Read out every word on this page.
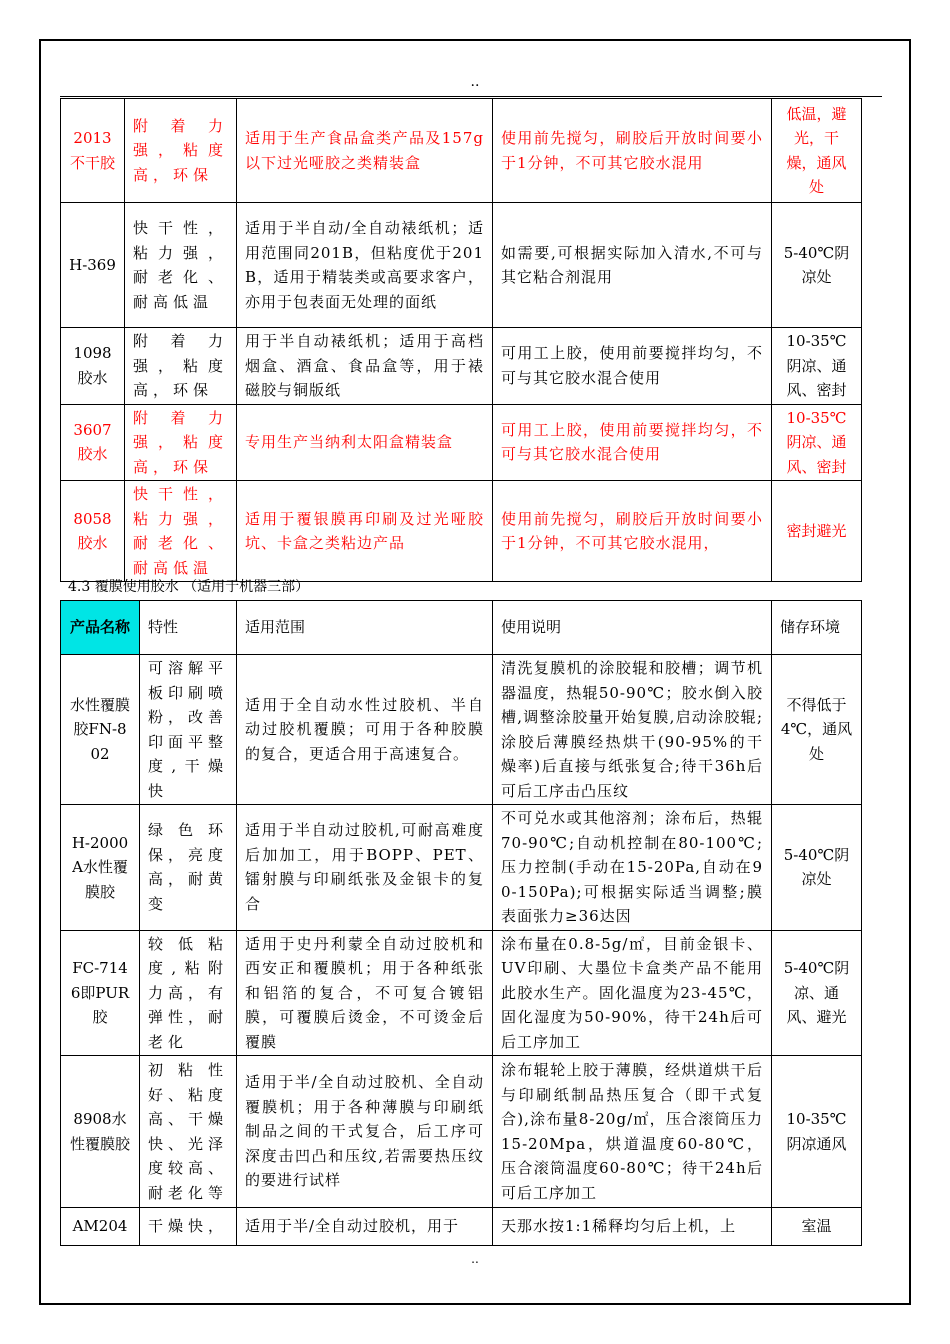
..
2013不干胶	附着力强，粘度高，环保	适用于生产食品盒类产品及157g以下过光哑胶之类精装盒	使用前先搅匀，刷胶后开放时间要小于1分钟，不可其它胶水混用	低温，避光，干燥，通风处
H-369	快干性，粘力强，耐老化、耐高低温	适用于半自动/全自动裱纸机；适用范围同201B，但粘度优于201B，适用于精装类或高要求客户，亦用于包表面无处理的面纸	如需要,可根据实际加入清水,不可与其它粘合剂混用	5-40℃阴凉处
1098胶水	附着力强，粘度高，环保	用于半自动裱纸机；适用于高档烟盒、酒盒、食品盒等，用于裱磁胶与铜版纸	可用工上胶，使用前要搅拌均匀，不可与其它胶水混合使用	10-35℃阴凉、通风、密封
3607胶水	附着力强，粘度高，环保	专用生产当纳利太阳盒精装盒	可用工上胶，使用前要搅拌均匀，不可与其它胶水混合使用	10-35℃阴凉、通风、密封
8058胶水	快干性，粘力强，耐老化、耐高低温	适用于覆银膜再印刷及过光哑胶坑、卡盒之类粘边产品	使用前先搅匀，刷胶后开放时间要小于1分钟，不可其它胶水混用，	密封避光
4.3 覆膜使用胶水 （适用于机器三部）
产品名称	特性	适用范围	使用说明	储存环境
水性覆膜胶FN-802	可溶解平板印刷喷粉，改善印面平整度,干燥快	适用于全自动水性过胶机、半自动过胶机覆膜；可用于各种胶膜的复合，更适合用于高速复合。	清洗复膜机的涂胶辊和胶槽；调节机器温度，热辊50-90℃；胶水倒入胶槽,调整涂胶量开始复膜,启动涂胶辊;涂胶后薄膜经热烘干(90-95%的干燥率)后直接与纸张复合;待干36h后可后工序击凸压纹	不得低于4℃，通风处
H-2000A水性覆膜胶	绿色环保，亮度高，耐黄变	适用于半自动过胶机,可耐高难度后加加工，用于BOPP、PET、镭射膜与印刷纸张及金银卡的复合	不可兑水或其他溶剂；涂布后，热辊70-90℃;自动机控制在80-100℃;压力控制(手动在15-20Pa,自动在90-150Pa);可根据实际适当调整;膜表面张力≥36达因	5-40℃阴凉处
FC-7146即PUR胶	较低粘度,粘附力高，有弹性，耐老化	适用于史丹利蒙全自动过胶机和西安正和覆膜机；用于各种纸张和铝箔的复合，不可复合镀铝膜，可覆膜后烫金，不可烫金后覆膜	涂布量在0.8-5g/㎡，目前金银卡、UV印刷、大墨位卡盒类产品不能用此胶水生产。固化温度为23-45℃，固化湿度为50-90%，待干24h后可后工序加工	5-40℃阴凉、通风、避光
8908水性覆膜胶	初粘性好、粘度高、干燥快、光泽度较高、耐老化等	适用于半/全自动过胶机、全自动覆膜机；用于各种薄膜与印刷纸制品之间的干式复合，后工序可深度击凹凸和压纹,若需要热压纹的要进行试样	涂布辊轮上胶于薄膜，经烘道烘干后与印刷纸制品热压复合（即干式复合),涂布量8-20g/㎡，压合滚筒压力15-20Mpa，烘道温度60-80℃，压合滚筒温度60-80℃；待干24h后可后工序加工	10-35℃阴凉通风
AM204	干燥快，	适用于半/全自动过胶机，用于	天那水按1:1稀释均匀后上机，上	室温
..
